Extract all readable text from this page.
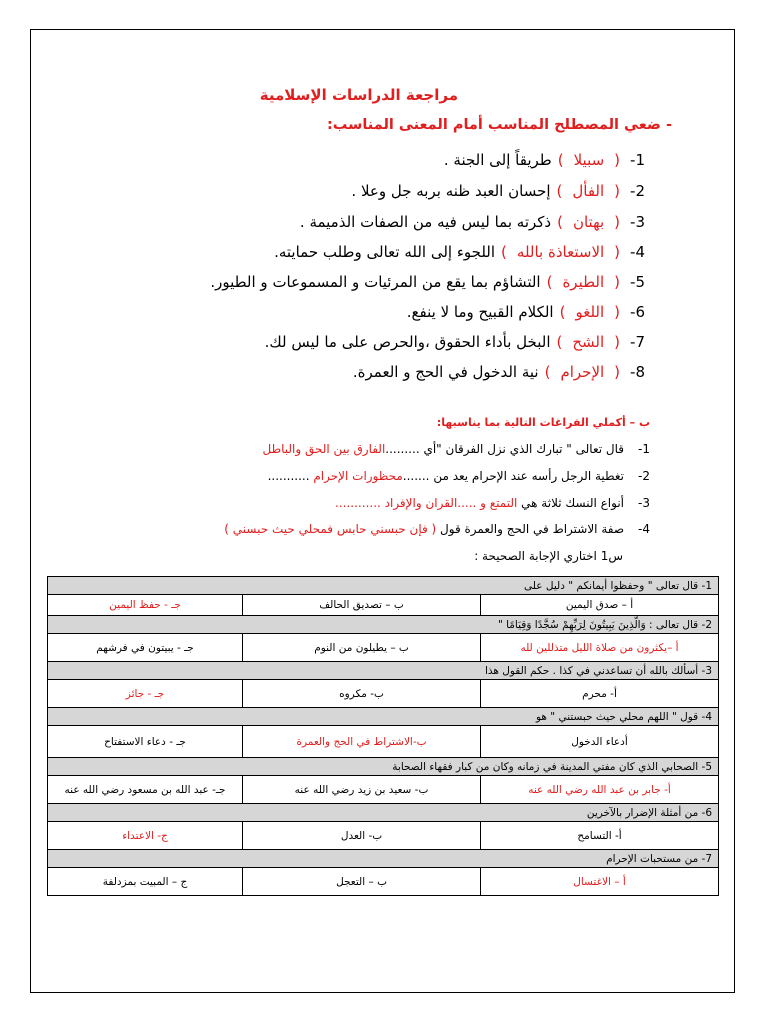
مراجعة الدراسات الإسلامية
- ضعي المصطلح المناسب أمام المعنى المناسب:
1-(سبيلا)طريقاً إلى الجنة .
2-(الفأل)إحسان العبد ظنه بربه جل وعلا .
3-(بهتان)ذكرته بما ليس فيه من الصفات الذميمة .
4-(الاستعاذة بالله)اللجوء إلى الله تعالى وطلب حمايته.
5-(الطيرة)التشاؤم بما يقع من المرئيات و المسموعات و الطيور.
6-(اللغو)الكلام القبيح وما لا ينفع.
7-(الشح)البخل بأداء الحقوق ،والحرص على ما ليس لك.
8-(الإحرام)نية الدخول في الحج و العمرة.
ب – أكملي الفراغات التالية بما يناسبها:
1-قال تعالى " تبارك الذي نزل الفرقان "أي .........الفارق بين الحق والباطل
2-تغطية الرجل رأسه عند الإحرام يعد من .......محظورات الإحرام ...........
3-أنواع النسك ثلاثة هي التمتع و .....القران والإفراد ............
4-صفة الاشتراط في الحج والعمرة قول ( فإن حبسني حابس فمحلي حيث حبسني )
س1 اختاري الإجابة الصحيحة :
1- قال تعالى " وحفظوا أيمانكم " دليل على		
أ – صدق اليمين	ب – تصديق الحالف	جـ - حفظ اليمين
2- قال تعالى : وَالَّذِينَ يَبِيتُونَ لِرَبِّهِمْ سُجَّدًا وَقِيَامًا "		
أ –يكثرون من صلاة الليل متذللين لله	ب – يطيلون من النوم	جـ - يبيتون في فرشهم
3- أسألك بالله أن تساعدني في كذا . حكم القول هذا		
أ- محرم	ب- مكروه	جـ - جائز
4- قول " اللهم محلي حيث حبستني " هو		
أدعاء الدخول	ب-الاشتراط في الحج والعمرة	جـ - دعاء الاستفتاح
5- الصحابي الذي كان مفتي المدينة في زمانه وكان من كبار فقهاء الصحابة		
أ- جابر بن عبد الله رضي الله عنه	ب- سعيد بن زيد رضي الله عنه	جـ- عبد الله بن مسعود رضي الله عنه
6- من أمثلة الإضرار بالآخرين		
أ- التسامح	ب- العدل	ج- الاعتداء
7- من مستحبات الإحرام		
أ – الاغتسال	ب – التعجل	ج – المبيت بمزدلفة
